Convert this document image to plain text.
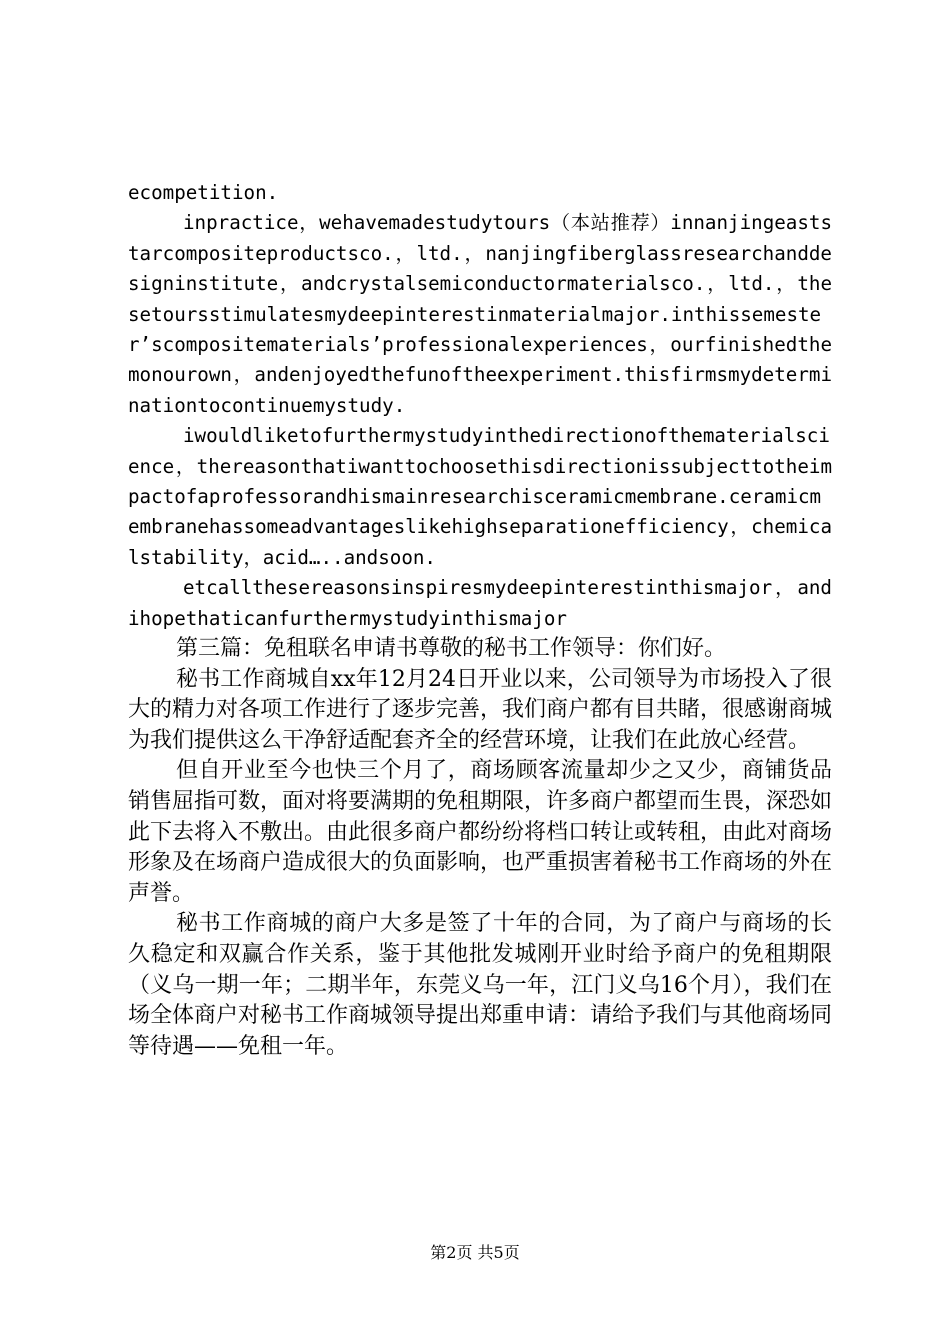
ecompetition.

inpractice，wehavemadestudytours（本站推荐）innanjingeaststarcompositeproductsco.，ltd.，nanjingfiberglassresearchanddesigninstitute，andcrystalsemiconductormaterialsco.，ltd.，thesetoursstimulatesmydeepinterestinmaterialmajor.inthissemester’scompositematerials’professionalexperiences，ourfinishedthemonourown，andenjoyedthefunoftheexperiment.thisfirmsmydeterminationtocontinuemystudy.

iwouldliketofurthermystudyinthedirectionofthematerialscience，thereasonthatiwanttochoosethisdirectionissubjecttotheimpactofaprofessorandhismainresearchisceramicmembrane.ceramicmembranehassomeadvantageslikehighseparationefficiency，chemicalstability，acid…..andsoon.

etcallthesereasonsinspiresmydeepinterestinthismajor，andihopethaticanfurthermystudyinthismajor

第三篇：免租联名申请书尊敬的秘书工作领导：你们好。

秘书工作商城自xx年12月24日开业以来，公司领导为市场投入了很大的精力对各项工作进行了逐步完善，我们商户都有目共睹，很感谢商城为我们提供这么干净舒适配套齐全的经营环境，让我们在此放心经营。

但自开业至今也快三个月了，商场顾客流量却少之又少，商铺货品销售屈指可数，面对将要满期的免租期限，许多商户都望而生畏，深恐如此下去将入不敷出。由此很多商户都纷纷将档口转让或转租，由此对商场形象及在场商户造成很大的负面影响，也严重损害着秘书工作商场的外在声誉。

秘书工作商城的商户大多是签了十年的合同，为了商户与商场的长久稳定和双赢合作关系，鉴于其他批发城刚开业时给予商户的免租期限（义乌一期一年；二期半年，东莞义乌一年，江门义乌16个月），我们在场全体商户对秘书工作商城领导提出郑重申请：请给予我们与其他商场同等待遇——免租一年。

第2页 共5页
